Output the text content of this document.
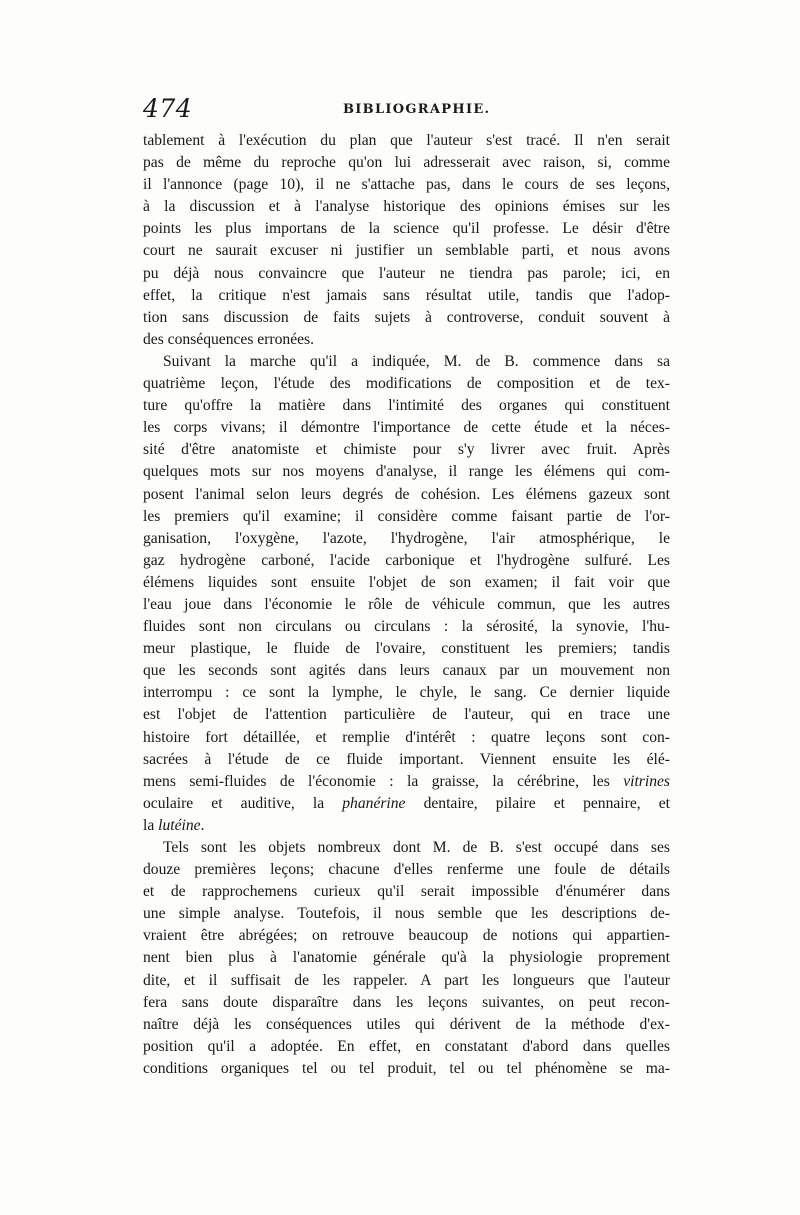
474	BIBLIOGRAPHIE.
tablement à l'exécution du plan que l'auteur s'est tracé. Il n'en serait
pas de même du reproche qu'on lui adresserait avec raison, si, comme
il l'annonce (page 10), il ne s'attache pas, dans le cours de ses leçons,
à la discussion et à l'analyse historique des opinions émises sur les
points les plus importans de la science qu'il professe. Le désir d'être
court ne saurait excuser ni justifier un semblable parti, et nous avons
pu déjà nous convaincre que l'auteur ne tiendra pas parole; ici, en
effet, la critique n'est jamais sans résultat utile, tandis que l'adop-
tion sans discussion de faits sujets à controverse, conduit souvent à
des conséquences erronées.
Suivant la marche qu'il a indiquée, M. de B. commence dans sa
quatrième leçon, l'étude des modifications de composition et de tex-
ture qu'offre la matière dans l'intimité des organes qui constituent
les corps vivans; il démontre l'importance de cette étude et la néces-
sité d'être anatomiste et chimiste pour s'y livrer avec fruit. Après
quelques mots sur nos moyens d'analyse, il range les élémens qui com-
posent l'animal selon leurs degrés de cohésion. Les élémens gazeux sont
les premiers qu'il examine; il considère comme faisant partie de l'or-
ganisation, l'oxygène, l'azote, l'hydrogène, l'air atmosphérique, le
gaz hydrogène carboné, l'acide carbonique et l'hydrogène sulfuré. Les
élémens liquides sont ensuite l'objet de son examen; il fait voir que
l'eau joue dans l'économie le rôle de véhicule commun, que les autres
fluides sont non circulans ou circulans : la sérosité, la synovie, l'hu-
meur plastique, le fluide de l'ovaire, constituent les premiers; tandis
que les seconds sont agités dans leurs canaux par un mouvement non
interrompu : ce sont la lymphe, le chyle, le sang. Ce dernier liquide
est l'objet de l'attention particulière de l'auteur, qui en trace une
histoire fort détaillée, et remplie d'intérêt : quatre leçons sont con-
sacrées à l'étude de ce fluide important. Viennent ensuite les élé-
mens semi-fluides de l'économie : la graisse, la cérébrine, les vitrines
oculaire et auditive, la phanérine dentaire, pilaire et pennaire, et
la lutéine.
Tels sont les objets nombreux dont M. de B. s'est occupé dans ses
douze premières leçons; chacune d'elles renferme une foule de détails
et de rapprochemens curieux qu'il serait impossible d'énumérer dans
une simple analyse. Toutefois, il nous semble que les descriptions de-
vraient être abrégées; on retrouve beaucoup de notions qui appartien-
nent bien plus à l'anatomie générale qu'à la physiologie proprement
dite, et il suffisait de les rappeler. A part les longueurs que l'auteur
fera sans doute disparaître dans les leçons suivantes, on peut recon-
naître déjà les conséquences utiles qui dérivent de la méthode d'ex-
position qu'il a adoptée. En effet, en constatant d'abord dans quelles
conditions organiques tel ou tel produit, tel ou tel phénomène se ma-
